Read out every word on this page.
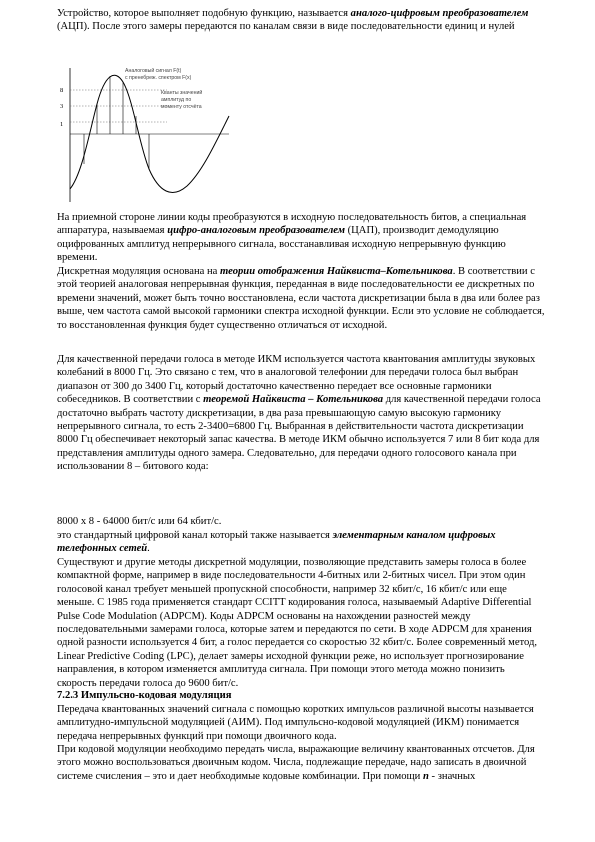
Устройство, которое выполняет подобную функцию, называется аналого-цифровым преобразователем (АЦП). После этого замеры передаются по каналам связи в виде последовательности единиц и нулей

8
3
1
Аналоговый сигнал F(t)
с пренебреж. спектром F(x)
Кванты значений
амплитуд по
моменту отсчёта

На приемной стороне линии коды преобразуются в исходную последовательность битов, а специальная аппаратура, называемая цифро-аналоговым преобразователем (ЦАП), производит демодуляцию оцифрованных амплитуд непрерывного сигнала, восстанавливая исходную непрерывную функцию времени.

Дискретная модуляция основана на теории отображения Найквиста–Котельникова. В соответствии с этой теорией аналоговая непрерывная функция, переданная в виде последовательности ее дискретных по времени значений, может быть точно восстановлена, если частота дискретизации была в два или более раз выше, чем частота самой высокой гармоники спектра исходной функции. Если это условие не соблюдается, то восстановленная функция будет существенно отличаться от исходной.

Для качественной передачи голоса в методе ИКМ используется частота квантования амплитуды звуковых колебаний в 8000 Гц. Это связано с тем, что в аналоговой телефонии для передачи голоса был выбран диапазон от 300 до 3400 Гц, который достаточно качественно передает все основные гармоники собеседников. В соответствии с теоремой Найквиста – Котельникова для качественной передачи голоса достаточно выбрать частоту дискретизации, в два раза превышающую самую высокую гармонику непрерывного сигнала, то есть 2-3400=6800 Гц. Выбранная в действительности частота дискретизации 8000 Гц обеспечивает некоторый запас качества. В методе ИКМ обычно используется 7 или 8 бит кода для представления амплитуды одного замера. Следовательно, для передачи одного голосового канала при использовании 8 – битового кода:

8000 х 8 - 64000 бит/с или 64 кбит/с.

это стандартный цифровой канал который также называется элементарным каналом цифровых телефонных сетей.

Существуют и другие методы дискретной модуляции, позволяющие представить замеры голоса в более компактной форме, например в виде последовательности 4-битных или 2-битных чисел. При этом один голосовой канал требует меньшей пропускной способности, например 32 кбит/с, 16 кбит/с или еще меньше. С 1985 года применяется стандарт CCITT кодирования голоса, называемый Adaptive Differential Pulse Code Modulation (ADPCM). Коды ADPCM основаны на нахождении разностей между последовательными замерами голоса, которые затем и передаются по сети. В ходе ADPCM для хранения одной разности используется 4 бит, а голос передается со скоростью 32 кбит/с. Более современный метод, Linear Predictive Coding (LPC), делает замеры исходной функции реже, но использует прогнозирование направления, в котором изменяется амплитуда сигнала. При помощи этого метода можно понизить скорость передачи голоса до 9600 бит/с.

7.2.3 Импульсно-кодовая модуляция

Передача квантованных значений сигнала с помощью коротких импульсов различной высоты называется амплитудно-импульсной модуляцией (АИМ). Под импульсно-кодовой модуляцией (ИКМ) понимается передача непрерывных функций при помощи двоичного кода.

При кодовой модуляции необходимо передать числа, выражающие величину квантованных отсчетов. Для этого можно воспользоваться двоичным кодом. Числа, подлежащие передаче, надо записать в двоичной системе счисления – это и дает необходимые кодовые комбинации. При помощи n - значных
